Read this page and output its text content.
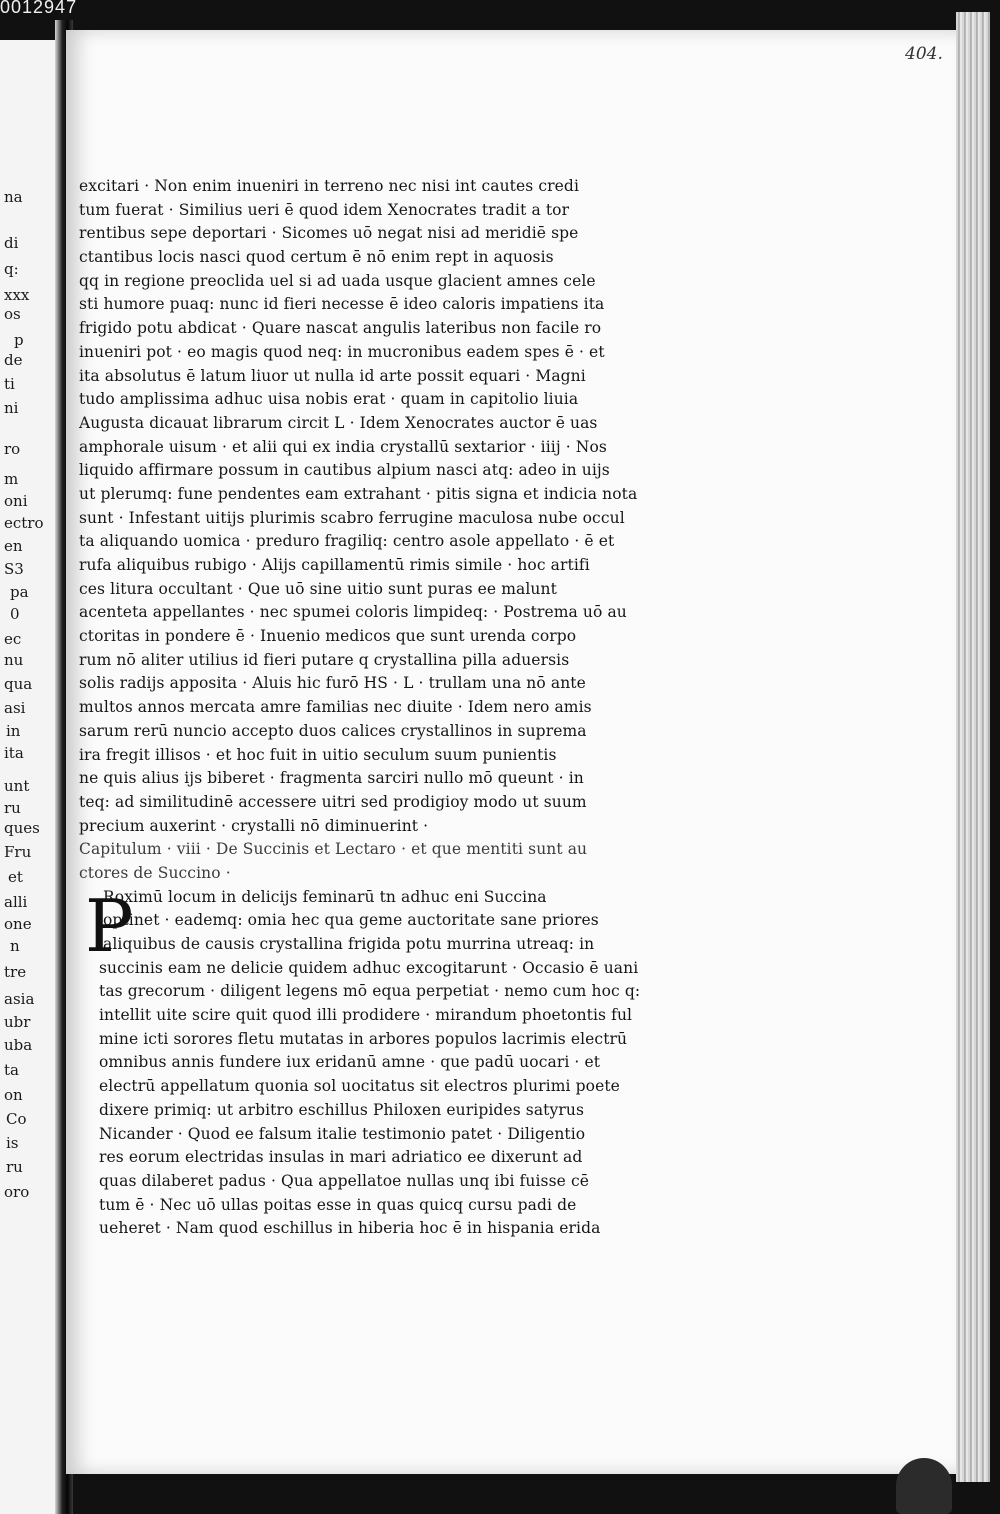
0012947
na
di
q:
xxx
os
p
de
ti
ni
ro
m
oni
ectro
en
S3
pa
0
ec
nu
qua
asi
in
ita
unt
ru
ques
Fru
et
alli
one
n
tre
asia
ubr
uba
ta
on
Co
is
ru
oro
404.
excitari · Non enim inueniri in terreno nec nisi int cautes credi
tum fuerat · Similius ueri ē quod idem Xenocrates tradit a tor
rentibus sepe deportari · Sicomes uō negat nisi ad meridiē spe
ctantibus locis nasci quod certum ē nō enim rept in aquosis
qq in regione preoclida uel si ad uada usque glacient amnes cele
sti humore puaq: nunc id fieri necesse ē ideo caloris impatiens ita
frigido potu abdicat · Quare nascat angulis lateribus non facile ro
inueniri pot · eo magis quod neq: in mucronibus eadem spes ē · et
ita absolutus ē latum liuor ut nulla id arte possit equari · Magni
tudo amplissima adhuc uisa nobis erat · quam in capitolio liuia
Augusta dicauat librarum circit L · Idem Xenocrates auctor ē uas
amphorale uisum · et alii qui ex india crystallū sextarior · iiij · Nos
liquido affirmare possum in cautibus alpium nasci atq: adeo in uijs
ut plerumq: fune pendentes eam extrahant · pitis signa et indicia nota
sunt · Infestant uitijs plurimis scabro ferrugine maculosa nube occul
ta aliquando uomica · preduro fragiliq: centro asole appellato · ē et
rufa aliquibus rubigo · Alijs capillamentū rimis simile · hoc artifi
ces litura occultant · Que uō sine uitio sunt puras ee malunt
acenteta appellantes · nec spumei coloris limpideq: · Postrema uō au
ctoritas in pondere ē · Inuenio medicos que sunt urenda corpo
rum nō aliter utilius id fieri putare q crystallina pilla aduersis
solis radijs apposita · Aluis hic furō HS · L · trullam una nō ante
multos annos mercata amre familias nec diuite · Idem nero amis
sarum rerū nuncio accepto duos calices crystallinos in suprema
ira fregit illisos · et hoc fuit in uitio seculum suum punientis
ne quis alius ijs biberet · fragmenta sarciri nullo mō queunt · in
teq: ad similitudinē accessere uitri sed prodigioy modo ut suum
precium auxerint · crystalli nō diminuerint ·
Capitulum · viii · De Succinis et Lectaro · et que mentiti sunt au
ctores de Succino ·
P
Roximū locum in delicijs feminarū tn adhuc eni Succina
optinet · eademq: omia hec qua geme auctoritate sane priores
aliquibus de causis crystallina frigida potu murrina utreaq: in
succinis eam ne delicie quidem adhuc excogitarunt · Occasio ē uani
tas grecorum · diligent legens mō equa perpetiat · nemo cum hoc q:
intellit uite scire quit quod illi prodidere · mirandum phoetontis ful
mine icti sorores fletu mutatas in arbores populos lacrimis electrū
omnibus annis fundere iux eridanū amne · que padū uocari · et
electrū appellatum quonia sol uocitatus sit electros plurimi poete
dixere primiq: ut arbitro eschillus Philoxen euripides satyrus
Nicander · Quod ee falsum italie testimonio patet · Diligentio
res eorum electridas insulas in mari adriatico ee dixerunt ad
quas dilaberet padus · Qua appellatoe nullas unq ibi fuisse cē
tum ē · Nec uō ullas poitas esse in quas quicq cursu padi de
ueheret · Nam quod eschillus in hiberia hoc ē in hispania erida
